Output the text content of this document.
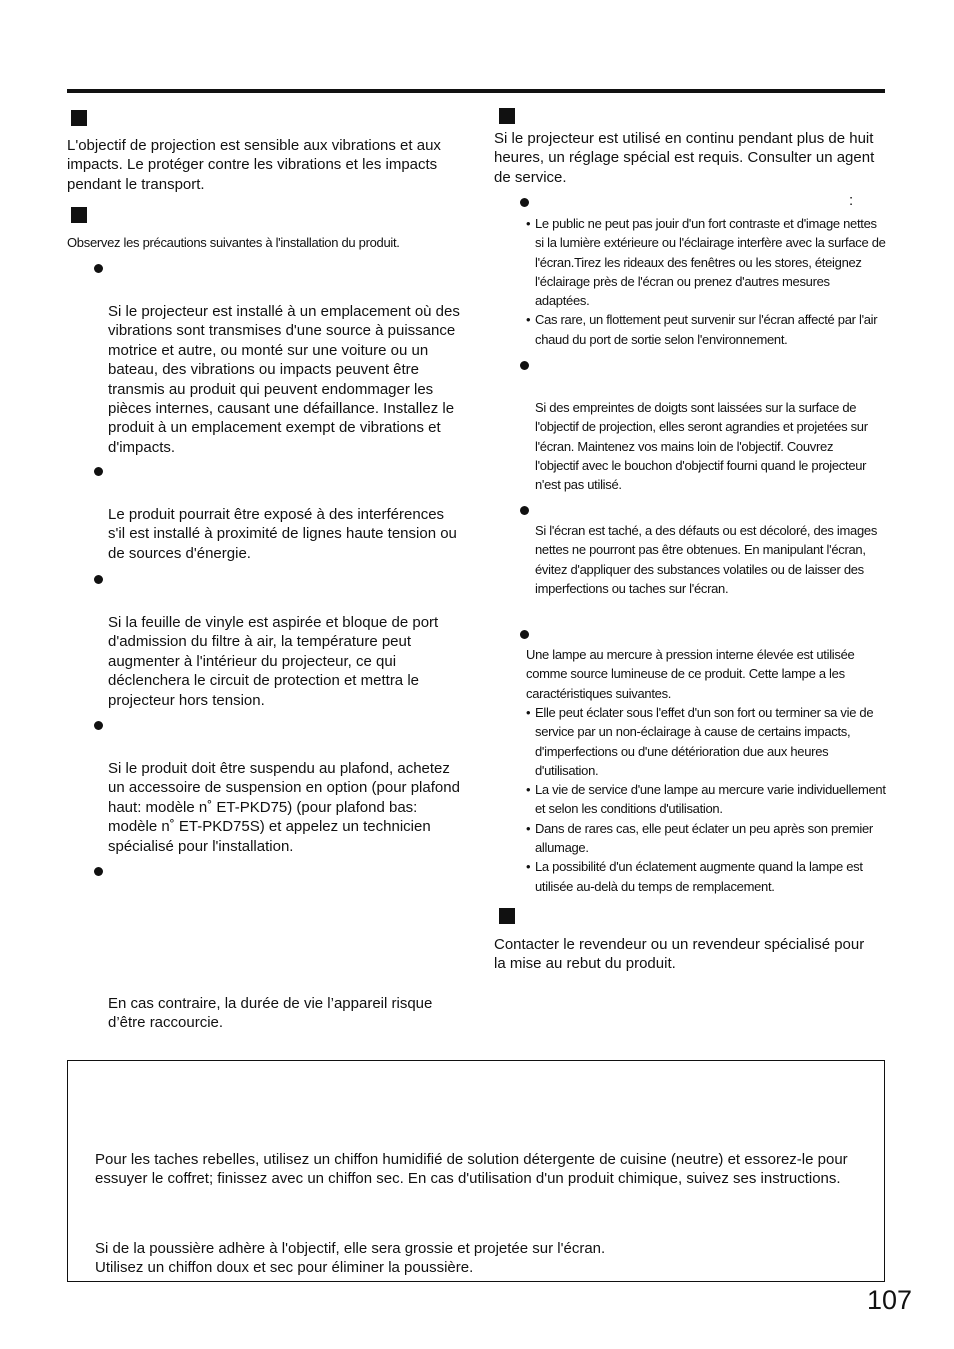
L'objectif de projection est sensible aux vibrations et aux impacts. Le protéger contre les vibrations et les impacts pendant le transport.

Observez les précautions suivantes à l'installation du produit.

Si le projecteur est installé à un emplacement où des vibrations sont transmises d'une source à puissance motrice et autre, ou monté sur une voiture ou un bateau, des vibrations ou impacts peuvent être transmis au produit qui peuvent endommager les pièces internes, causant une défaillance. Installez le produit à un emplacement exempt de vibrations et d'impacts.

Le produit pourrait être exposé à des interférences s'il est installé à proximité de lignes haute tension ou de sources d'énergie.

Si la feuille de vinyle est aspirée et bloque de port d'admission du filtre à air, la température peut augmenter à l'intérieur du projecteur, ce qui déclenchera le circuit de protection et mettra le projecteur hors tension.

Si le produit doit être suspendu au plafond, achetez un accessoire de suspension en option (pour plafond haut: modèle n˚ ET-PKD75) (pour plafond bas: modèle n˚ ET-PKD75S) et appelez un technicien spécialisé pour l'installation.

En cas contraire, la durée de vie l’appareil risque d’être raccourcie.

Si le projecteur est utilisé en continu pendant plus de huit heures, un réglage spécial est requis. Consulter un agent de service.

:
• Le public ne peut pas jouir d'un fort contraste et d'image nettes si la lumière extérieure ou l'éclairage interfère avec la surface de l'écran.Tirez les rideaux des fenêtres ou les stores, éteignez l'éclairage près de l'écran ou prenez d'autres mesures adaptées.
• Cas rare, un flottement peut survenir sur l'écran affecté par l'air chaud du port de sortie selon l'environnement.

Si des empreintes de doigts sont laissées sur la surface de l'objectif de projection, elles seront agrandies et projetées sur l'écran. Maintenez vos mains loin de l'objectif. Couvrez l'objectif avec le bouchon d'objectif fourni quand le projecteur n'est pas utilisé.

Si l'écran est taché, a des défauts ou est décoloré, des images nettes ne pourront pas être obtenues. En manipulant l'écran, évitez d'appliquer des substances volatiles ou de laisser des imperfections ou taches sur l'écran.

Une lampe au mercure à pression interne élevée est utilisée comme source lumineuse de ce produit. Cette lampe a les caractéristiques suivantes.

• Elle peut éclater sous l'effet d'un son fort ou terminer sa vie de service par un non-éclairage à cause de certains impacts, d'imperfections ou d'une détérioration due aux heures d'utilisation.
• La vie de service d'une lampe au mercure varie individuellement et selon les conditions d'utilisation.
• Dans de rares cas, elle peut éclater un peu après son premier allumage.
• La possibilité d'un éclatement augmente quand la lampe est utilisée au-delà du temps de remplacement.

Contacter le revendeur ou un revendeur spécialisé pour la mise au rebut du produit.

Pour les taches rebelles, utilisez un chiffon humidifié de solution détergente de cuisine (neutre) et essorez-le pour essuyer le coffret; finissez avec un chiffon sec. En cas d'utilisation d'un produit chimique, suivez ses instructions.

Si de la poussière adhère à l'objectif, elle sera grossie et projetée sur l'écran.

Utilisez un chiffon doux et sec pour éliminer la poussière.

107
